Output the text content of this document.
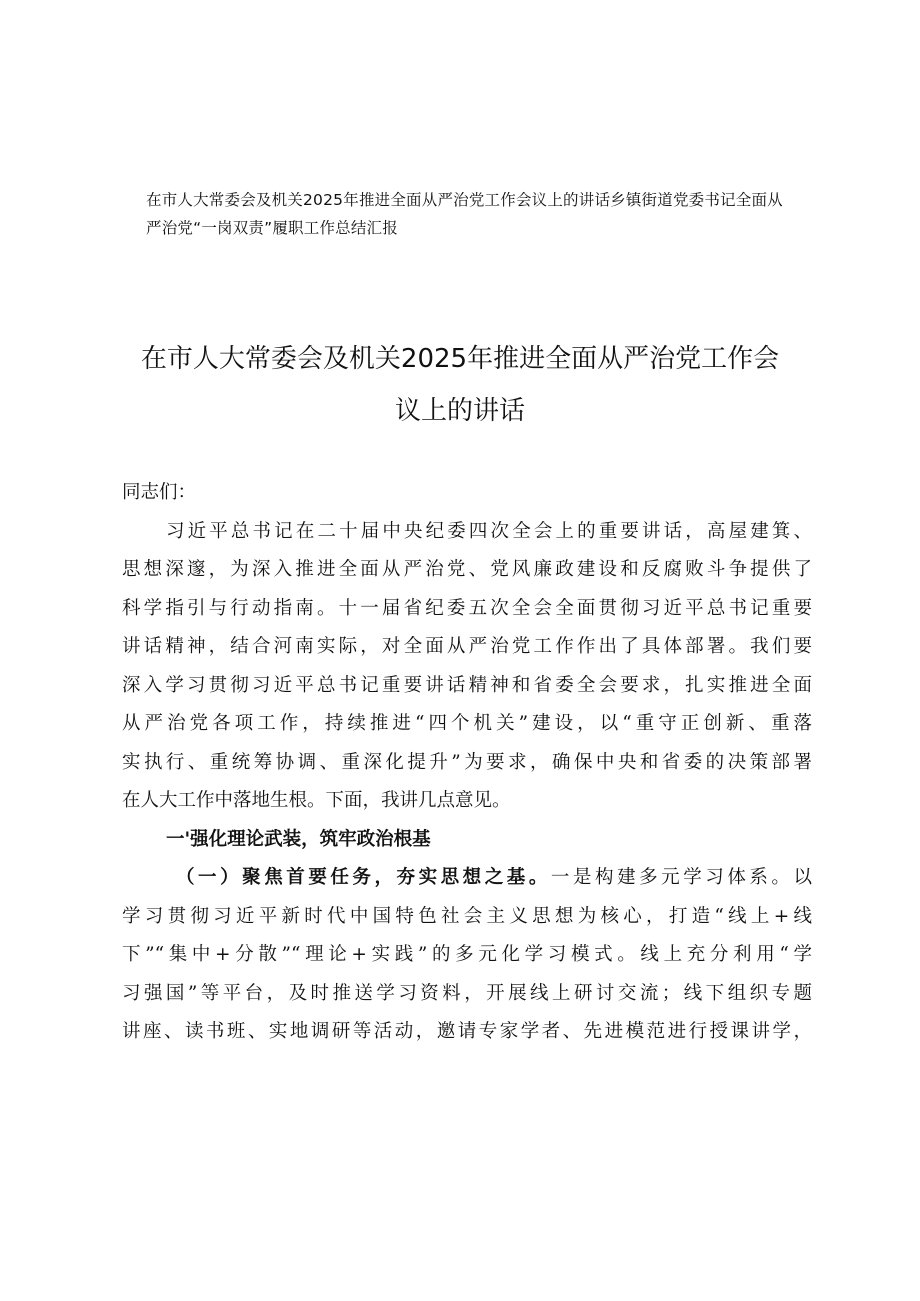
在市人大常委会及机关2025年推进全面从严治党工作会议上的讲话乡镇街道党委书记全面从
严治党“一岗双责”履职工作总结汇报
在市人大常委会及机关2025年推进全面从严治党工作会
议上的讲话
同志们：
习近平总书记在二十届中央纪委四次全会上的重要讲话，高屋建箕、
思想深邃，为深入推进全面从严治党、党风廉政建设和反腐败斗争提供了
科学指引与行动指南。十一届省纪委五次全会全面贯彻习近平总书记重要
讲话精神，结合河南实际，对全面从严治党工作作出了具体部署。我们要
深入学习贯彻习近平总书记重要讲话精神和省委全会要求，扎实推进全面
从严治党各项工作，持续推进“四个机关”建设，以“重守正创新、重落
实执行、重统筹协调、重深化提升”为要求，确保中央和省委的决策部署
在人大工作中落地生根。下面，我讲几点意见。
一'强化理论武装，筑牢政治根基
（一）聚焦首要任务，夯实思想之基。一是构建多元学习体系。以
学习贯彻习近平新时代中国特色社会主义思想为核心，打造“线上+线
下”“集中+分散”“理论+实践”的多元化学习模式。线上充分利用“学
习强国”等平台，及时推送学习资料，开展线上研讨交流；线下组织专题
讲座、读书班、实地调研等活动，邀请专家学者、先进模范进行授课讲学，
